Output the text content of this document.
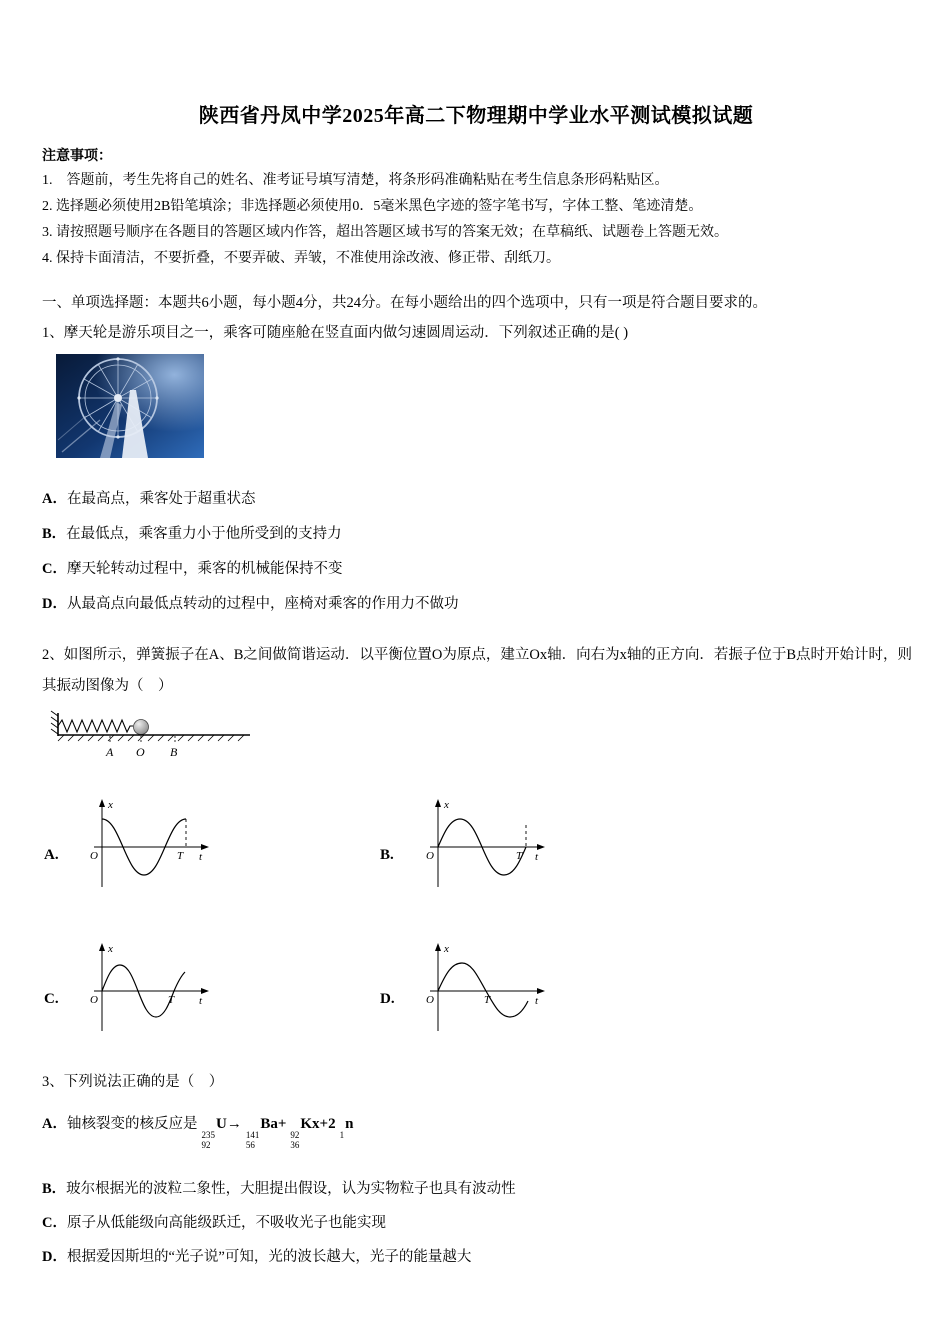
陕西省丹凤中学2025年高二下物理期中学业水平测试模拟试题
注意事项：
1.    答题前，考生先将自己的姓名、准考证号填写清楚，将条形码准确粘贴在考生信息条形码粘贴区。
2. 选择题必须使用2B铅笔填涂；非选择题必须使用0．5毫米黑色字迹的签字笔书写，字体工整、笔迹清楚。
3. 请按照题号顺序在各题目的答题区域内作答，超出答题区域书写的答案无效；在草稿纸、试题卷上答题无效。
4. 保持卡面清洁，不要折叠，不要弄破、弄皱，不准使用涂改液、修正带、刮纸刀。
一、单项选择题：本题共6小题，每小题4分，共24分。在每小题给出的四个选项中，只有一项是符合题目要求的。
1、摩天轮是游乐项目之一，乘客可随座舱在竖直面内做匀速圆周运动．下列叙述正确的是( )
A．在最高点，乘客处于超重状态
B．在最低点，乘客重力小于他所受到的支持力
C．摩天轮转动过程中，乘客的机械能保持不变
D．从最高点向最低点转动的过程中，座椅对乘客的作用力不做功
2、如图所示，弹簧振子在A、B之间做简谐运动．以平衡位置O为原点，建立Ox轴．向右为x轴的正方向．若振子位于B点时开始计时，则其振动图像为（　）
A O B
A.
x
O	T t	B.
x
O	T t
C.
x
O	T t	D.
x
O	T	t
3、下列说法正确的是（　）
A．铀核裂变的核反应是
235
92
U→
141
56
Ba+
92
36
Kx+2
1
n
B．玻尔根据光的波粒二象性，大胆提出假设，认为实物粒子也具有波动性
C．原子从低能级向高能级跃迁，不吸收光子也能实现
D．根据爱因斯坦的“光子说”可知，光的波长越大，光子的能量越大
